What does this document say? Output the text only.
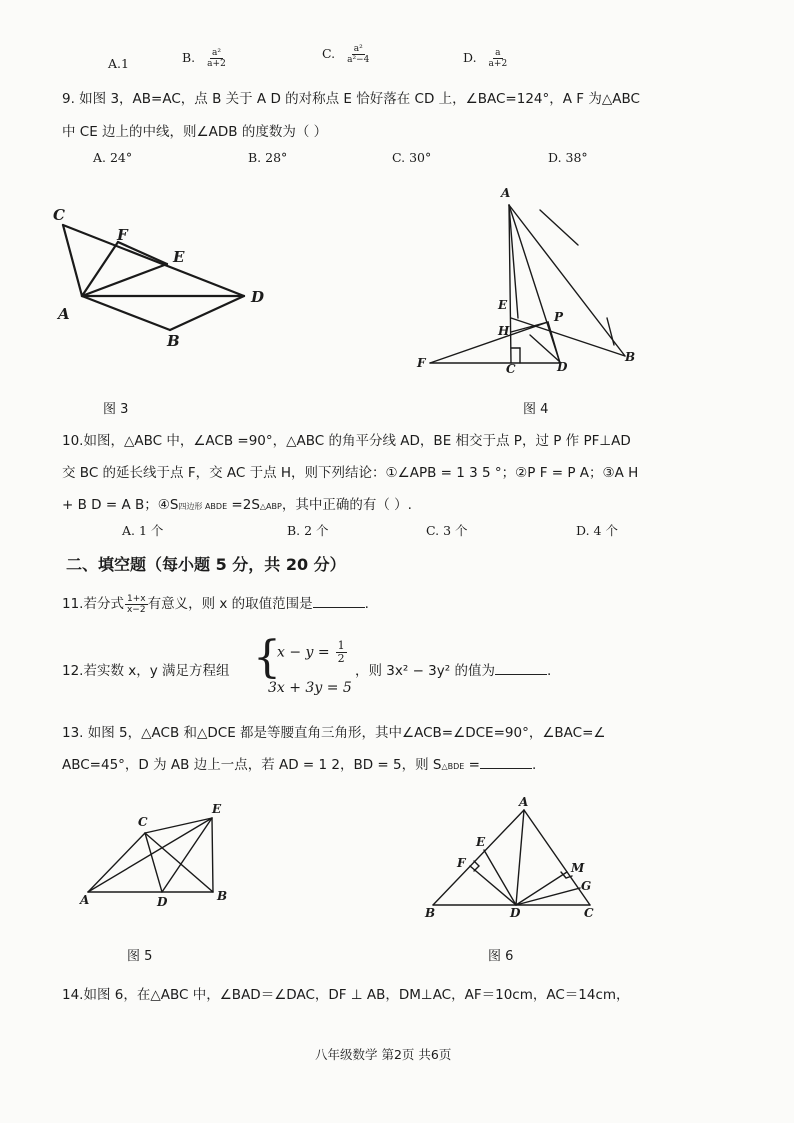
A.1	B. $\frac{\text{a²}}{a+2}$	C. $\frac{\text{a²}}{\text{a²−4}}$	D. $\frac{a}{a+2}$
9. 如图 3，AB=AC，点 B 关于 A D 的对称点 E 恰好落在 CD 上，∠BAC=124°，A F 为△ABC
中 CE 边上的中线，则∠ADB 的度数为（ ）
A. 24°	B. 28°	C. 30°	D. 38°
C
F
E
A
D
B
图 3
A
E
P
H
F	C	D
B
图 4
10.如图，△ABC 中，∠ACB =90°，△ABC 的角平分线 AD，BE 相交于点 P，过 P 作 PF⊥AD
交 BC 的延长线于点 F，交 AC 于点 H，则下列结论：①∠APB = 1 3 5 °；②P F = P A；③A H
+ B D = A B；④S四边形 ABDE =2S△ABP，其中正确的有（ ）.
A. 1 个	B. 2 个	C. 3 个	D. 4 个
二、填空题（每小题 5 分，共 20 分）
11.若分式 $\frac{1+x}{x-2}$ 有意义，则 x 的取值范围是	.
12.若实数 x，y 满足方程组 {
$x - y = \frac{1}{2}$
3x + 3y = 5
，则 3x² − 3y² 的值为	.
13. 如图 5，△ACB 和△DCE 都是等腰直角三角形，其中∠ACB=∠DCE=90°，∠BAC=∠
ABC=45°，D 为 AB 边上一点，若 AD = 1 2，BD = 5，则 S△BDE =	.
C
E
A	D	B
图 5
A
E
F	M
G
B	D	C
图 6
14.如图 6，在△ABC 中，∠BAD＝∠DAC，DF ⊥ AB，DM⊥AC，AF＝10cm，AC＝14cm，
八年级数学 第2页 共6页
